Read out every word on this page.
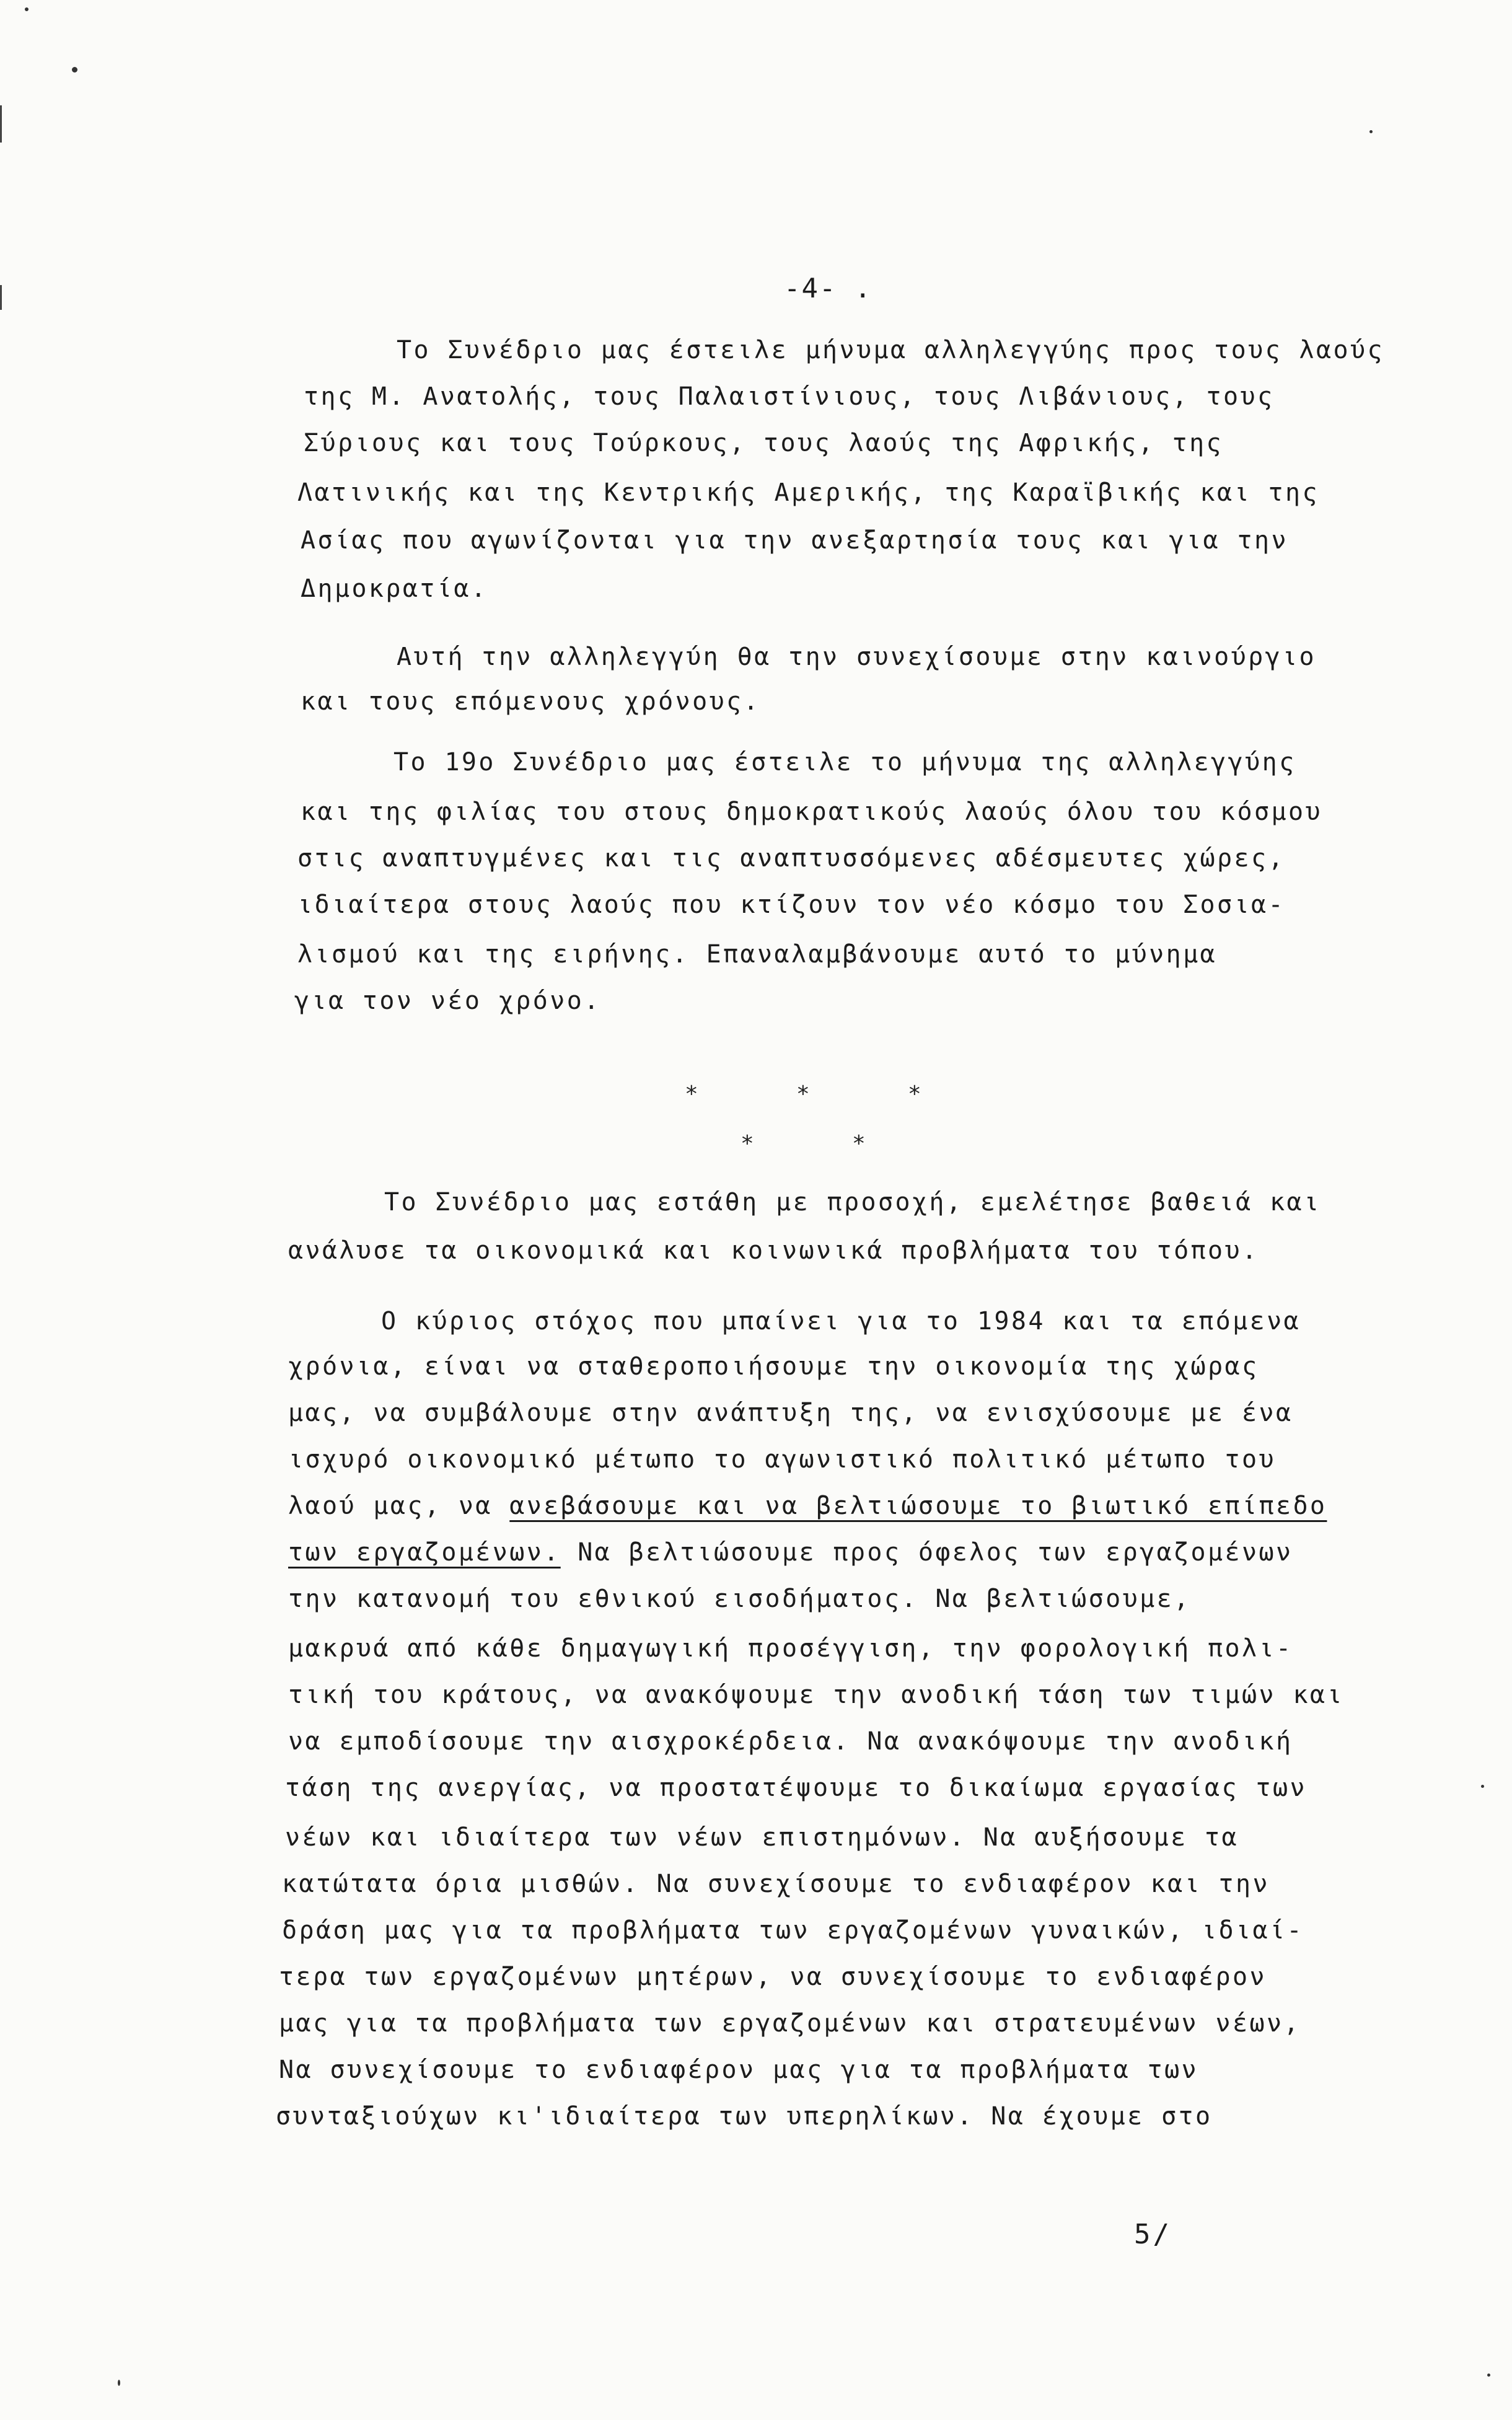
-4- .
Το Συνέδριο μας έστειλε μήνυμα αλληλεγγύης προς τους λαούς
της Μ. Ανατολής, τους Παλαιστίνιους, τους Λιβάνιους, τους
Σύριους και τους Τούρκους, τους λαούς της Αφρικής, της
Λατινικής και της Κεντρικής Αμερικής, της Καραϊβικής και της
Ασίας που αγωνίζονται για την ανεξαρτησία τους και για την
Δημοκρατία.
Αυτή την αλληλεγγύη θα την συνεχίσουμε στην καινούργιο
και τους επόμενους χρόνους.
Το 19ο Συνέδριο μας έστειλε το μήνυμα της αλληλεγγύης
και της φιλίας του στους δημοκρατικούς λαούς όλου του κόσμου
στις αναπτυγμένες και τις αναπτυσσόμενες αδέσμευτες χώρες,
ιδιαίτερα στους λαούς που κτίζουν τον νέο κόσμο του Σοσια-
λισμού και της ειρήνης. Επαναλαμβάνουμε αυτό το μύνημα
για τον νέο χρόνο.
*	*	*
*	*
Το Συνέδριο μας εστάθη με προσοχή, εμελέτησε βαθειά και
ανάλυσε τα οικονομικά και κοινωνικά προβλήματα του τόπου.
Ο κύριος στόχος που μπαίνει για το 1984 και τα επόμενα
χρόνια, είναι να σταθεροποιήσουμε την οικονομία της χώρας
μας, να συμβάλουμε στην ανάπτυξη της, να ενισχύσουμε με ένα
ισχυρό οικονομικό μέτωπο το αγωνιστικό πολιτικό μέτωπο του
λαού μας, να ανεβάσουμε και να βελτιώσουμε το βιωτικό επίπεδο
των εργαζομένων. Να βελτιώσουμε προς όφελος των εργαζομένων
την κατανομή του εθνικού εισοδήματος. Να βελτιώσουμε,
μακρυά από κάθε δημαγωγική προσέγγιση, την φορολογική πολι-
τική του κράτους, να ανακόψουμε την ανοδική τάση των τιμών και
να εμποδίσουμε την αισχροκέρδεια. Να ανακόψουμε την ανοδική
τάση της ανεργίας, να προστατέψουμε το δικαίωμα εργασίας των
νέων και ιδιαίτερα των νέων επιστημόνων. Να αυξήσουμε τα
κατώτατα όρια μισθών. Να συνεχίσουμε το ενδιαφέρον και την
δράση μας για τα προβλήματα των εργαζομένων γυναικών, ιδιαί-
τερα των εργαζομένων μητέρων, να συνεχίσουμε το ενδιαφέρον
μας για τα προβλήματα των εργαζομένων και στρατευμένων νέων,
Να συνεχίσουμε το ενδιαφέρον μας για τα προβλήματα των
συνταξιούχων κι'ιδιαίτερα των υπερηλίκων. Να έχουμε στο
5/
